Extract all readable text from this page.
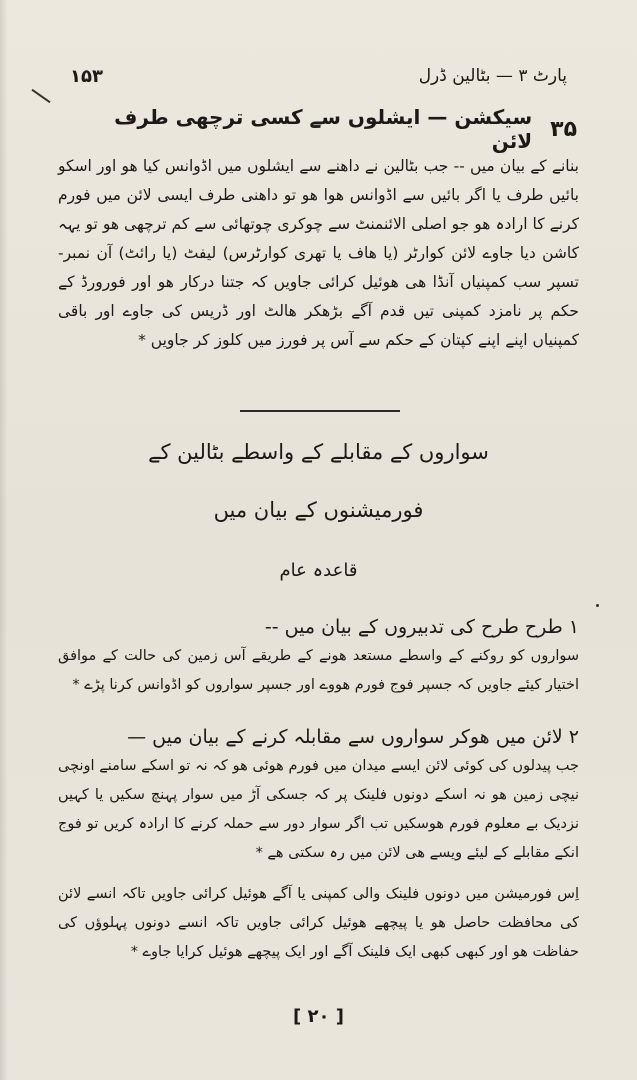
۱۵۳	پارٹ ۳ — بٹالین ڈرل
۳۵
سیکشن — ایشلوں سے کسی ترچھی طرف لائن

بنانے کے بیان میں -- جب بٹالین نے داھنے سے ایشلوں میں اڈوانس کیا ھو اور اسکو بائیں طرف یا اگر بائیں سے اڈوانس ھوا ھو تو داھنی طرف ایسی لائن میں فورم کرنے کا ارادہ ھو جو اصلی الائنمنٹ سے چوکری چوتھائی سے کم ترچھی ھو تو یہہ کاشن دیا جاوے لائن کوارٹر (یا ھاف یا تھری کوارٹرس) لیفٹ (یا رائٹ) آن نمبر- تسپر سب کمپنیاں آنڈا ھی ھوئیل کرائی جاویں کہ جتنا درکار ھو اور فورورڈ کے حکم پر نامزد کمپنی تیں قدم آگے بڑھکر ھالٹ اور ڈریس کی جاوے اور باقی کمپنیاں اپنے اپنے کپتان کے حکم سے آس پر فورز میں کلوز کر جاویں *

سواروں کے مقابلے کے واسطے بٹالین کے
فورمیشنوں کے بیان میں
قاعدہ عام
۱ طرح طرح کی تدبیروں کے بیان میں --
سواروں کو روکنے کے واسطے مستعد ھونے کے طریقے آس زمین کی حالت کے موافق اختیار کیئے جاویں کہ جسپر فوج فورم ھووے اور جسپر سواروں کو اڈوانس کرنا پڑے *
۲ لائن میں ھوکر سواروں سے مقابلہ کرنے کے بیان میں —
جب پیدلوں کی کوئی لائن ایسے میدان میں فورم ھوئی ھو کہ نہ تو اسکے سامنے اونچی نیچی زمین ھو نہ اسکے دونوں فلینک پر کہ جسکی آڑ میں سوار پہنچ سکیں یا کہیں نزدیک بے معلوم فورم ھوسکیں تب اگر سوار دور سے حملہ کرنے کا ارادہ کریں تو فوج انکے مقابلے کے لیئے ویسے ھی لائن میں رہ سکتی ھے *

اِس فورمیشن میں دونوں فلینک والی کمپنی یا آگے ھوئیل کرائی جاویں تاکہ انسے لائن کی محافظت حاصل ھو یا پیچھے ھوئیل کرائی جاویں تاکہ انسے دونوں پہلوؤں کی حفاظت ھو اور کبھی کبھی ایک فلینک آگے اور ایک پیچھے ھوئیل کرایا جاوے *

[ ۲۰ ]
